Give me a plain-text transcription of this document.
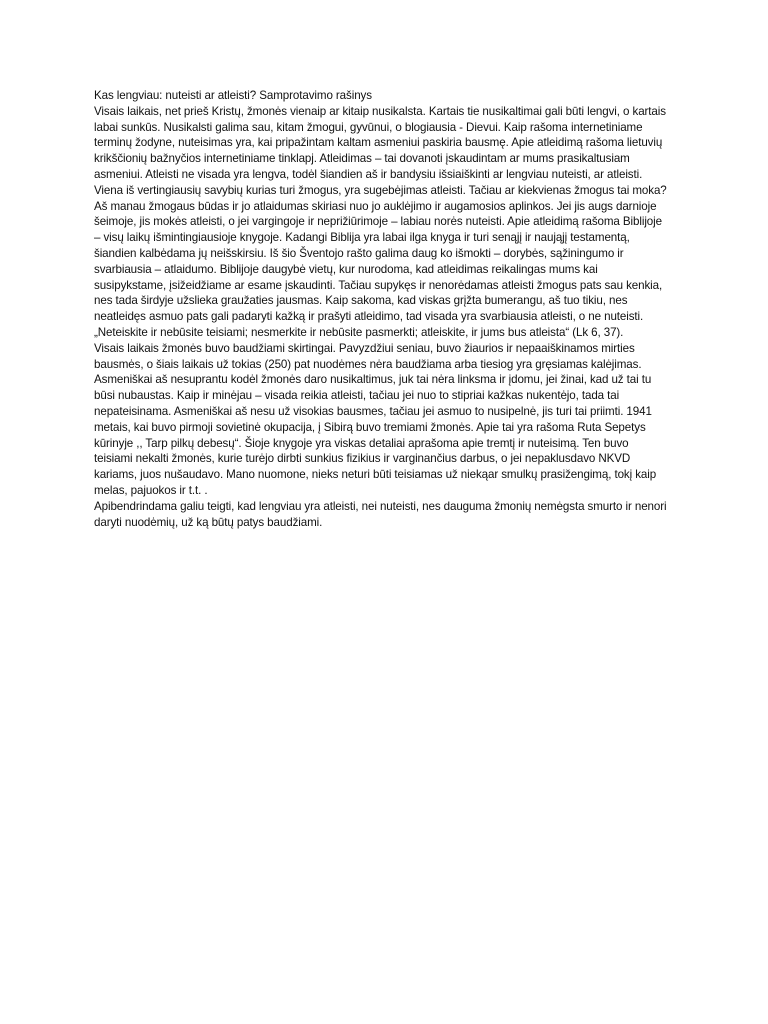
Kas lengviau: nuteisti ar atleisti? Samprotavimo rašinys

Visais laikais, net prieš Kristų, žmonės vienaip ar kitaip nusikalsta. Kartais tie nusikaltimai gali būti lengvi, o kartais labai sunkūs. Nusikalsti galima sau, kitam žmogui, gyvūnui, o blogiausia - Dievui. Kaip rašoma internetiniame terminų žodyne, nuteisimas yra, kai pripažintam kaltam asmeniui paskiria bausmę. Apie atleidimą rašoma lietuvių krikščionių bažnyčios internetiniame tinklapj. Atleidimas – tai dovanoti įskaudintam ar mums prasikaltusiam asmeniui. Atleisti ne visada yra lengva, todėl šiandien aš ir bandysiu išsiaiškinti ar lengviau nuteisti, ar atleisti.

Viena iš vertingiausių savybių kurias turi žmogus, yra sugebėjimas atleisti. Tačiau ar kiekvienas žmogus tai moka? Aš manau žmogaus būdas ir jo atlaidumas skiriasi nuo jo auklėjimo ir augamosios aplinkos. Jei jis augs darnioje šeimoje, jis mokės atleisti, o jei vargingoje ir neprižiūrimoje – labiau norės nuteisti. Apie atleidimą rašoma Biblijoje – visų laikų išmintingiausioje knygoje. Kadangi Biblija yra labai ilga knyga ir turi senąjį ir naująjį testamentą, šiandien kalbėdama jų neišskirsiu. Iš šio Šventojo rašto galima daug ko išmokti – dorybės, sąžiningumo ir svarbiausia – atlaidumo. Biblijoje daugybė vietų, kur nurodoma, kad atleidimas reikalingas mums kai susipykstame, įsižeidžiame ar esame įskaudinti. Tačiau supykęs ir nenorėdamas atleisti žmogus pats sau kenkia, nes tada širdyje užslieka graužaties jausmas. Kaip sakoma, kad viskas grįžta bumerangu, aš tuo tikiu, nes neatleidęs asmuo pats gali padaryti kažką ir prašyti atleidimo, tad visada yra svarbiausia atleisti, o ne nuteisti. „Neteiskite ir nebūsite teisiami; nesmerkite ir nebūsite pasmerkti; atleiskite, ir jums bus atleista“ (Lk 6, 37).

Visais laikais žmonės buvo baudžiami skirtingai. Pavyzdžiui seniau, buvo žiaurios ir nepaaiškinamos mirties bausmės, o šiais laikais už tokias (250) pat nuodėmes nėra baudžiama arba tiesiog yra gręsiamas kalėjimas. Asmeniškai aš nesuprantu kodėl žmonės daro nusikaltimus, juk tai nėra linksma ir įdomu, jei žinai, kad už tai tu būsi nubaustas. Kaip ir minėjau – visada reikia atleisti, tačiau jei nuo to stipriai kažkas nukentėjo, tada tai nepateisinama. Asmeniškai aš nesu už visokias bausmes, tačiau jei asmuo to nusipelnė, jis turi tai priimti. 1941 metais, kai buvo pirmoji sovietinė okupacija, į Sibirą buvo tremiami žmonės. Apie tai yra rašoma Ruta Sepetys kūrinyje ,, Tarp pilkų debesų“. Šioje knygoje yra viskas detaliai aprašoma apie tremtį ir nuteisimą. Ten buvo teisiami nekalti žmonės, kurie turėjo dirbti sunkius fizikius ir varginančius darbus, o jei nepaklusdavo NKVD kariams, juos nušaudavo. Mano nuomone, nieks neturi būti teisiamas už niekąar smulkų prasižengimą, tokį kaip melas, pajuokos ir t.t. .

Apibendrindama galiu teigti, kad lengviau yra atleisti, nei nuteisti, nes dauguma žmonių nemėgsta smurto ir nenori daryti nuodėmių, už ką būtų patys baudžiami.
